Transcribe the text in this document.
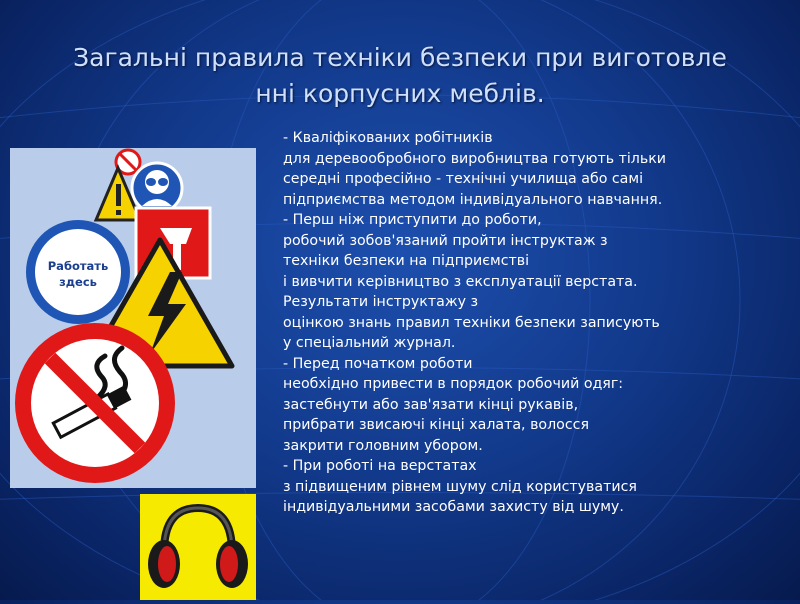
Загальні правила техніки безпеки при виготовле
нні корпусних меблів.
Работать
здесь
- Кваліфікованих робітників
для деревообробного виробництва готують тільки
середні професійно - технічні училища або самі
підприємства методом індивідуального навчання.
- Перш ніж приступити до роботи,
робочий зобов'язаний пройти інструктаж з
техніки безпеки на підприємстві
і вивчити керівництво з експлуатації верстата.
Результати інструктажу з
оцінкою знань правил техніки безпеки записують
у спеціальний журнал.
- Перед початком роботи
необхідно привести в порядок робочий одяг:
застебнути або зав'язати кінці рукавів,
прибрати звисаючі кінці халата, волосся
закрити головним убором.
- При роботі на верстатах
з підвищеним рівнем шуму слід користуватися
індивідуальними засобами захисту від шуму.
